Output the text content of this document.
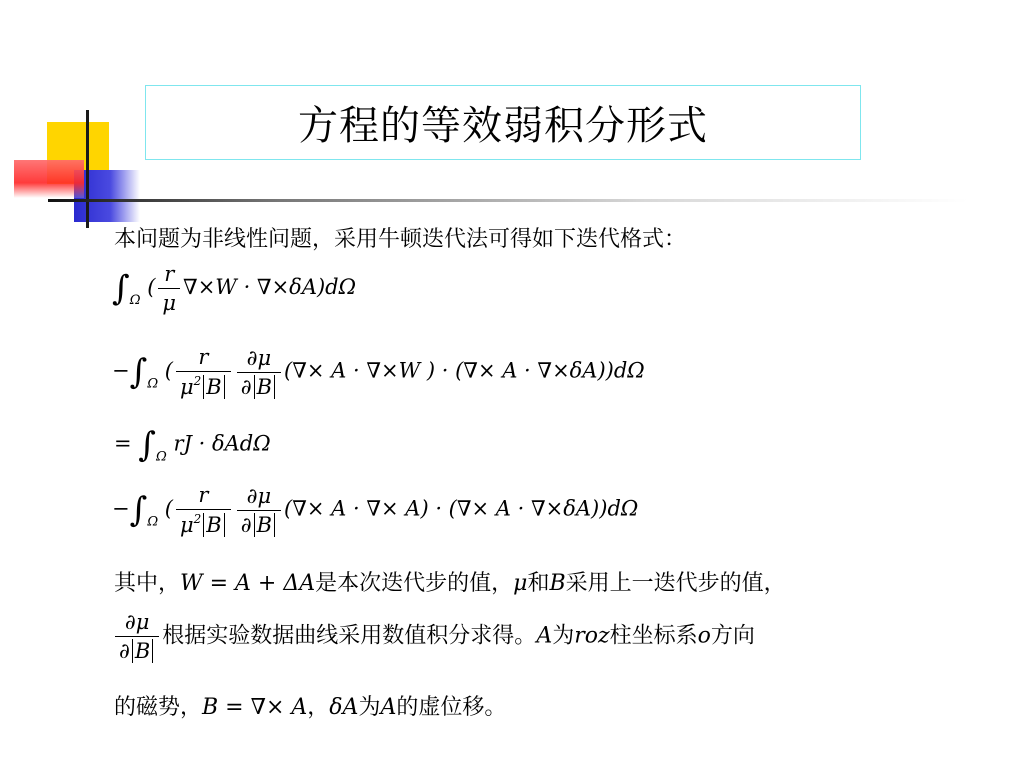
方程的等效弱积分形式
本问题为非线性问题，采用牛顿迭代法可得如下迭代格式：
$\int_\Omega$ ( $\frac{r}{\mu} \nabla\times W \cdot \nabla\times\delta A)d\Omega$
$-\int_\Omega$ ( $\frac{r}{\mu^2 B} \frac{\partial\mu}{\partial B}$ (∇× A · ∇×W ) · (∇× A · ∇×δA))dΩ
= $\int_\Omega$ rJ · δAdΩ
$-\int_\Omega$ ( $\frac{r}{\mu^2 B} \frac{\partial\mu}{\partial B}$ (∇× A · ∇× A) · (∇× A · ∇×δA))dΩ
其中，W = A + ΔA是本次迭代步的值，μ和B采用上一迭代步的值，
$\frac{\partial\mu}{\partial B}$ 根据实验数据曲线采用数值积分求得。A为roz柱坐标系o方向
的磁势，B = ∇× A，δA为A的虚位移。
